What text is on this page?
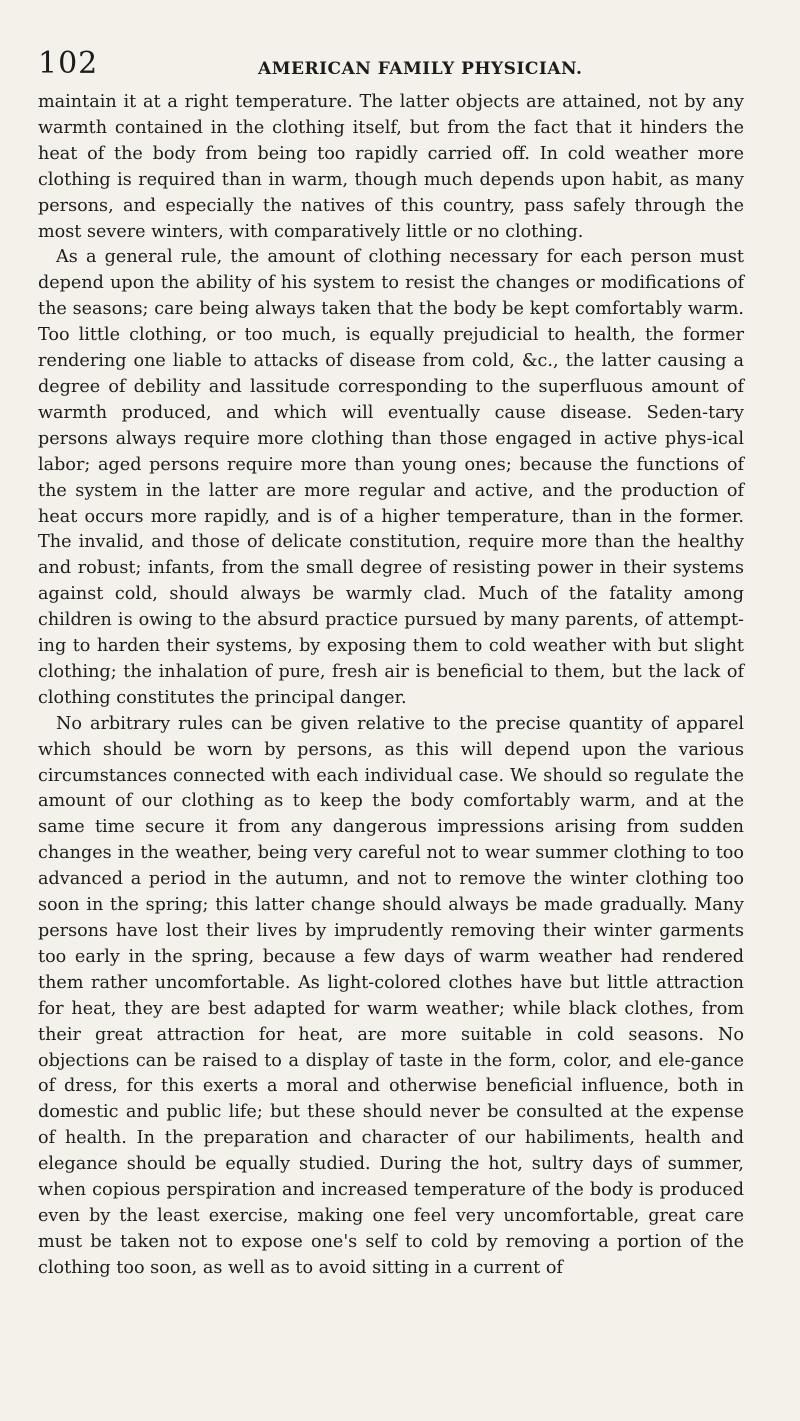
102	AMERICAN FAMILY PHYSICIAN.

maintain it at a right temperature. The latter objects are attained, not by any warmth contained in the clothing itself, but from the fact that it hinders the heat of the body from being too rapidly carried off. In cold weather more clothing is required than in warm, though much depends upon habit, as many persons, and especially the natives of this country, pass safely through the most severe winters, with comparatively little or no clothing.

As a general rule, the amount of clothing necessary for each person must depend upon the ability of his system to resist the changes or modifications of the seasons; care being always taken that the body be kept comfortably warm. Too little clothing, or too much, is equally prejudicial to health, the former rendering one liable to attacks of disease from cold, &c., the latter causing a degree of debility and lassitude corresponding to the superfluous amount of warmth produced, and which will eventually cause disease. Seden-tary persons always require more clothing than those engaged in active phys-ical labor; aged persons require more than young ones; because the functions of the system in the latter are more regular and active, and the production of heat occurs more rapidly, and is of a higher temperature, than in the former. The invalid, and those of delicate constitution, require more than the healthy and robust; infants, from the small degree of resisting power in their systems against cold, should always be warmly clad. Much of the fatality among children is owing to the absurd practice pursued by many parents, of attempt-ing to harden their systems, by exposing them to cold weather with but slight clothing; the inhalation of pure, fresh air is beneficial to them, but the lack of clothing constitutes the principal danger.

No arbitrary rules can be given relative to the precise quantity of apparel which should be worn by persons, as this will depend upon the various circumstances connected with each individual case. We should so regulate the amount of our clothing as to keep the body comfortably warm, and at the same time secure it from any dangerous impressions arising from sudden changes in the weather, being very careful not to wear summer clothing to too advanced a period in the autumn, and not to remove the winter clothing too soon in the spring; this latter change should always be made gradually. Many persons have lost their lives by imprudently removing their winter garments too early in the spring, because a few days of warm weather had rendered them rather uncomfortable. As light-colored clothes have but little attraction for heat, they are best adapted for warm weather; while black clothes, from their great attraction for heat, are more suitable in cold seasons. No objections can be raised to a display of taste in the form, color, and ele-gance of dress, for this exerts a moral and otherwise beneficial influence, both in domestic and public life; but these should never be consulted at the expense of health. In the preparation and character of our habiliments, health and elegance should be equally studied. During the hot, sultry days of summer, when copious perspiration and increased temperature of the body is produced even by the least exercise, making one feel very uncomfortable, great care must be taken not to expose one's self to cold by removing a portion of the clothing too soon, as well as to avoid sitting in a current of
